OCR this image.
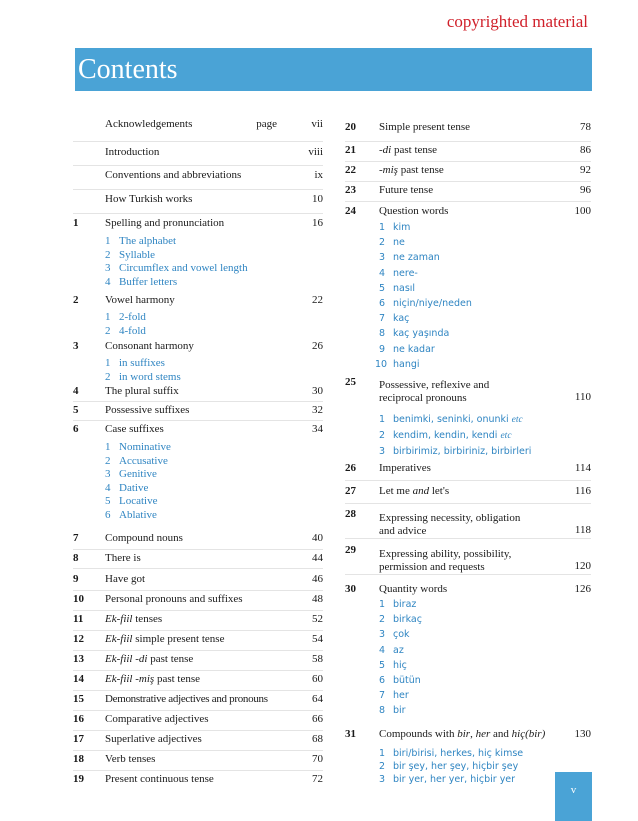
copyrighted material
Contents
Acknowledgements	page	vii
Introduction	viii
Conventions and abbreviations	ix
How Turkish works	10
1	Spelling and pronunciation	16
1 The alphabet
2 Syllable
3 Circumflex and vowel length
4 Buffer letters
2	Vowel harmony	22
1 2-fold
2 4-fold
3	Consonant harmony	26
1 in suffixes
2 in word stems
4	The plural suffix	30
5	Possessive suffixes	32
6	Case suffixes	34
1 Nominative
2 Accusative
3 Genitive
4 Dative
5 Locative
6 Ablative
7	Compound nouns	40
8	There is	44
9	Have got	46
10	Personal pronouns and suffixes	48
11	Ek-fiil tenses	52
12	Ek-fiil simple present tense	54
13	Ek-fiil -di past tense	58
14	Ek-fiil -miş past tense	60
15	Demonstrative adjectives and pronouns	64
16	Comparative adjectives	66
17	Superlative adjectives	68
18	Verb tenses	70
19	Present continuous tense	72
20	Simple present tense	78
21	-di past tense	86
22	-miş past tense	92
23	Future tense	96
24	Question words	100
1 kim
2 ne
3 ne zaman
4 nere-
5 nasıl
6 niçin/niye/neden
7 kaç
8 kaç yaşında
9 ne kadar
10 hangi
25	Possessive, reflexive and
reciprocal pronouns	110
1 benimki, seninki, onunki etc
2 kendim, kendin, kendi etc
3 birbirimiz, birbiriniz, birbirleri
26	Imperatives	114
27	Let me and let's	116
28	Expressing necessity, obligation
and advice	118
29	Expressing ability, possibility,
permission and requests	120
30	Quantity words	126
1 biraz
2 birkaç
3 çok
4 az
5 hiç
6 bütün
7 her
8 bir
31	Compounds with bir, her and hiç(bir)	130
1 biri/birisi, herkes, hiç kimse
2 bir şey, her şey, hiçbir şey
3 bir yer, her yer, hiçbir yer
v
